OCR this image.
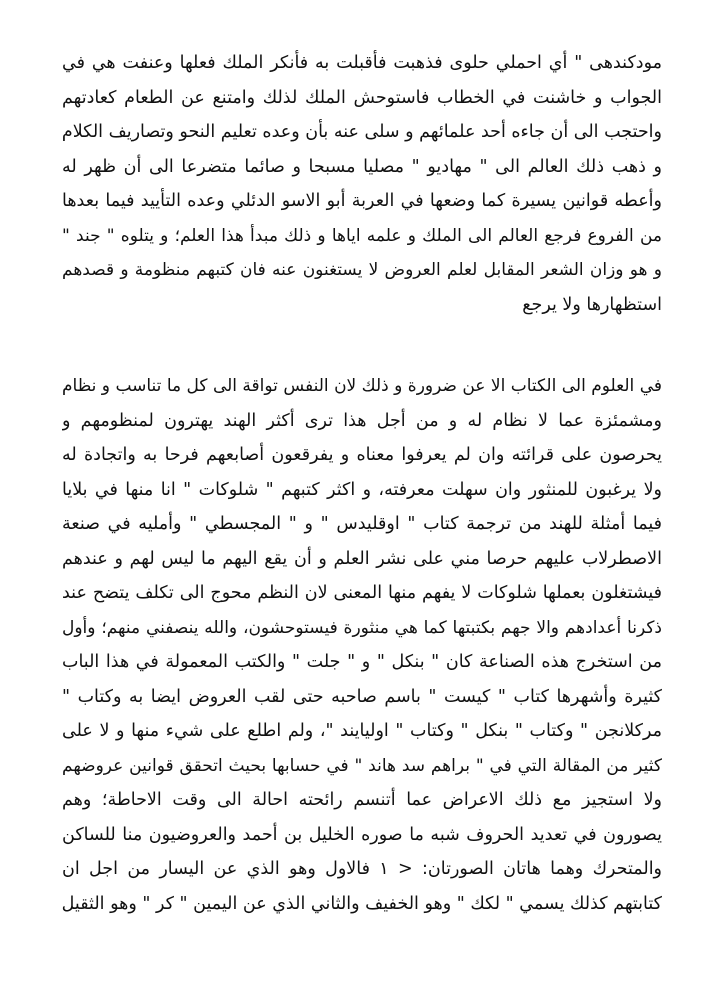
مودكندهى " أي احملي حلوى فذهبت فأقبلت به فأنكر الملك فعلها وعنفت هي في
الجواب و خاشنت في الخطاب فاستوحش الملك لذلك وامتنع عن الطعام كعادتهم
واحتجب الى أن جاءه أحد علمائهم و سلى عنه بأن وعده تعليم النحو وتصاريف الكلام
و ذهب ذلك العالم الى " مهاديو " مصليا مسبحا و صائما متضرعا الى أن ظهر له
وأعطه قوانين يسيرة كما وضعها في العربة أبو الاسو الدئلي وعده التأييد فيما بعدها
من الفروع فرجع العالم الى الملك و علمه اياها و ذلك مبدأ هذا العلم؛ و يتلوه " جند "
و هو وزان الشعر المقابل لعلم العروض لا يستغنون عنه فان كتبهم منظومة و قصدهم
استظهارها ولا يرجع
في العلوم الى الكتاب الا عن ضرورة و ذلك لان النفس تواقة الى كل ما تناسب و نظام
ومشمئزة عما لا نظام له و من أجل هذا ترى أكثر الهند يهترون لمنظومهم و
يحرصون على قرائته وان لم يعرفوا معناه و يفرقعون أصابعهم فرحا به واتجادة له
ولا يرغبون للمنثور وان سهلت معرفته، و اكثر كتبهم " شلوكات " انا منها في بلايا
فيما أمثلة للهند من ترجمة كتاب " اوقليدس " و " المجسطي " وأمليه في صنعة
الاصطرلاب عليهم حرصا مني على نشر العلم و أن يقع اليهم ما ليس لهم و عندهم
فيشتغلون بعملها شلوكات لا يفهم منها المعنى لان النظم محوج الى تكلف يتضح عند
ذكرنا أعدادهم والا جهم بكتبتها كما هي منثورة فيستوحشون، والله ينصفني منهم؛ وأول
من استخرج هذه الصناعة كان " بنكل " و " جلت " والكتب المعمولة في هذا الباب
كثيرة وأشهرها كتاب " كيست " باسم صاحبه حتى لقب العروض ايضا به وكتاب "
مركلانجن " وكتاب " بنكل " وكتاب " اوليايند "، ولم اطلع على شيء منها و لا على
كثير من المقالة التي في " براهم سد هاند " في حسابها بحيث اتحقق قوانين عروضهم
ولا استجيز مع ذلك الاعراض عما أتنسم رائحته احالة الى وقت الاحاطة؛ وهم
يصورون في تعديد الحروف شبه ما صوره الخليل بن أحمد والعروضيون منا للساكن
والمتحرك وهما هاتان الصورتان: < ١ فالاول وهو الذي عن اليسار من اجل ان
كتابتهم كذلك يسمي " لكك " وهو الخفيف والثاني الذي عن اليمين " كر " وهو الثقيل
